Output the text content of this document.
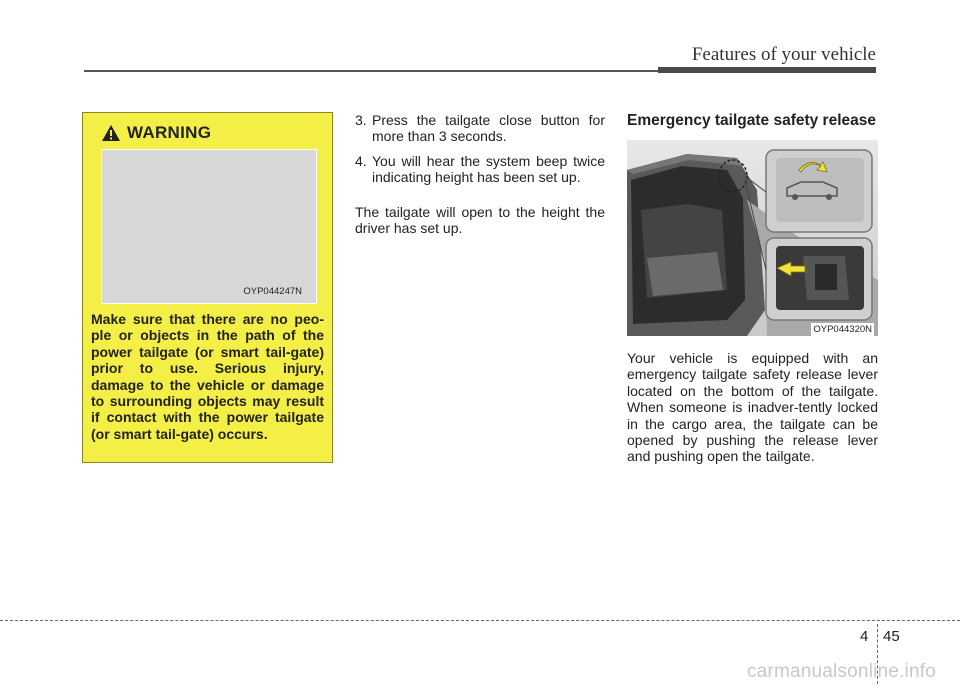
Features of your vehicle
WARNING
OYP044247N

Make sure that there are no peo-ple or objects in the path of the power tailgate (or smart tail-gate) prior to use. Serious injury, damage to the vehicle or damage to surrounding objects may result if contact with the power tailgate (or smart tail-gate) occurs.

3. Press the tailgate close button for more than 3 seconds.

4. You will hear the system beep twice indicating height has been set up.

The tailgate will open to the height the driver has set up.

Emergency tailgate safety release
OYP044320N

Your vehicle is equipped with an emergency tailgate safety release lever located on the bottom of the tailgate. When someone is inadver-tently locked in the cargo area, the tailgate can be opened by pushing the release lever and pushing open the tailgate.

4 45
carmanualsonline.info
